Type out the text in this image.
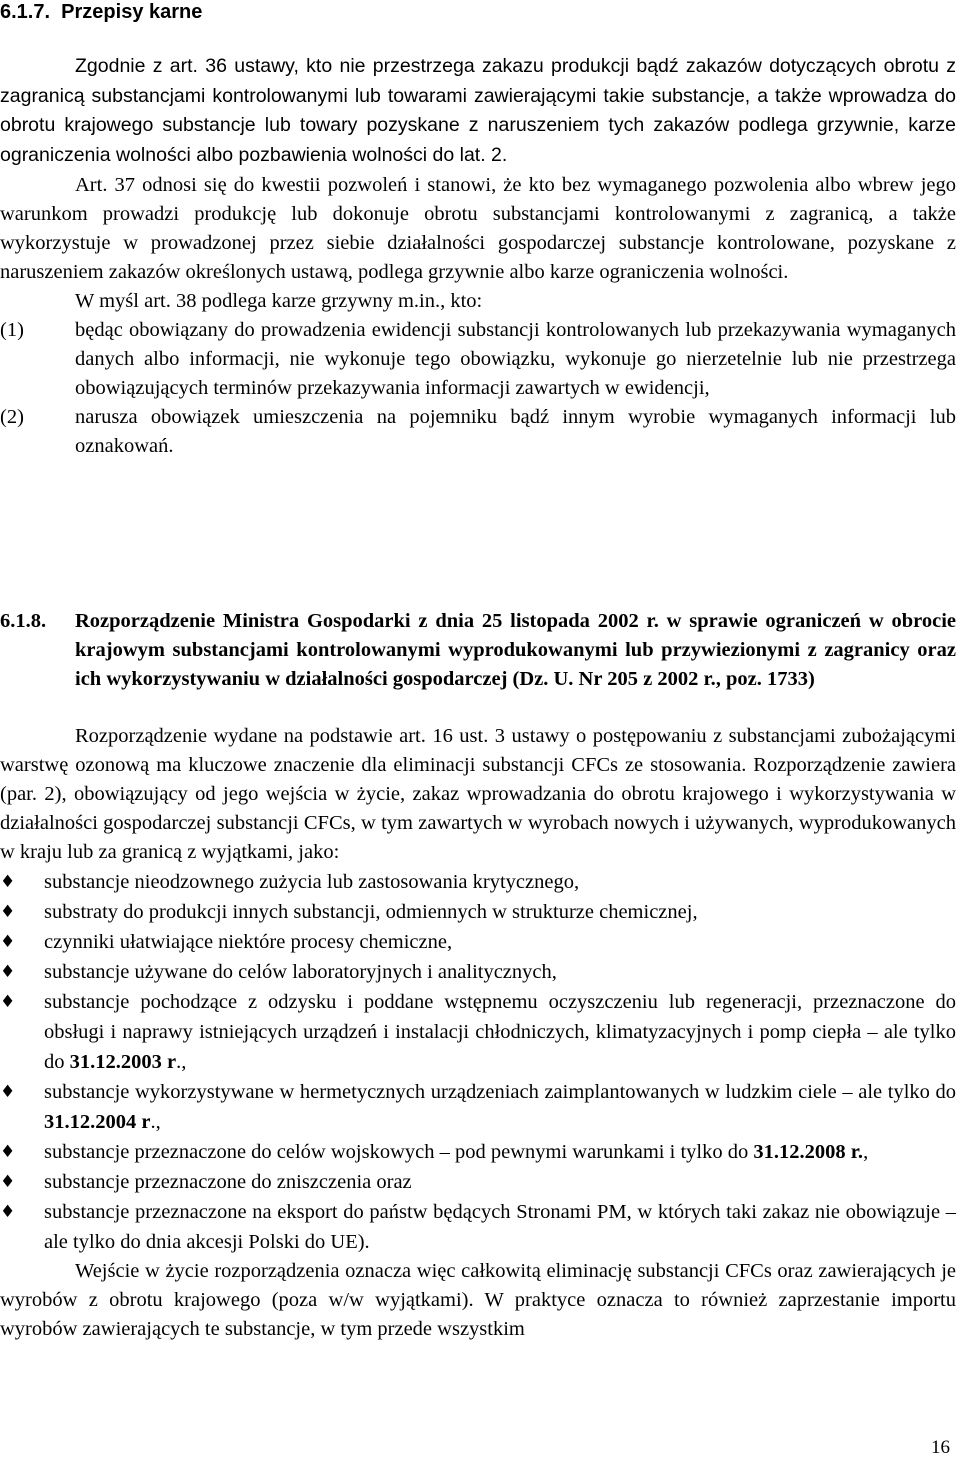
6.1.7. Przepisy karne

Zgodnie z art. 36 ustawy, kto nie przestrzega zakazu produkcji bądź zakazów dotyczących obrotu z zagranicą substancjami kontrolowanymi lub towarami zawierającymi takie substancje, a także wprowadza do obrotu krajowego substancje lub towary pozyskane z naruszeniem tych zakazów podlega grzywnie, karze ograniczenia wolności albo pozbawienia wolności do lat. 2.

Art. 37 odnosi się do kwestii pozwoleń i stanowi, że kto bez wymaganego pozwolenia albo wbrew jego warunkom prowadzi produkcję lub dokonuje obrotu substancjami kontrolowanymi z zagranicą, a także wykorzystuje w prowadzonej przez siebie działalności gospodarczej substancje kontrolowane, pozyskane z naruszeniem zakazów określonych ustawą, podlega grzywnie albo karze ograniczenia wolności.

W myśl art. 38 podlega karze grzywny m.in., kto:

(1) będąc obowiązany do prowadzenia ewidencji substancji kontrolowanych lub przekazywania wymaganych danych albo informacji, nie wykonuje tego obowiązku, wykonuje go nierzetelnie lub nie przestrzega obowiązujących terminów przekazywania informacji zawartych w ewidencji,
(2) narusza obowiązek umieszczenia na pojemniku bądź innym wyrobie wymaganych informacji lub oznakowań.
6.1.8. Rozporządzenie Ministra Gospodarki z dnia 25 listopada 2002 r. w sprawie ograniczeń w obrocie krajowym substancjami kontrolowanymi wyprodukowanymi lub przywiezionymi z zagranicy oraz ich wykorzystywaniu w działalności gospodarczej (Dz. U. Nr 205 z 2002 r., poz. 1733)

Rozporządzenie wydane na podstawie art. 16 ust. 3 ustawy o postępowaniu z substancjami zubożającymi warstwę ozonową ma kluczowe znaczenie dla eliminacji substancji CFCs ze stosowania. Rozporządzenie zawiera (par. 2), obowiązujący od jego wejścia w życie, zakaz wprowadzania do obrotu krajowego i wykorzystywania w działalności gospodarczej substancji CFCs, w tym zawartych w wyrobach nowych i używanych, wyprodukowanych w kraju lub za granicą z wyjątkami, jako:

♦ substancje nieodzownego zużycia lub zastosowania krytycznego,
♦ substraty do produkcji innych substancji, odmiennych w strukturze chemicznej,
♦ czynniki ułatwiające niektóre procesy chemiczne,
♦ substancje używane do celów laboratoryjnych i analitycznych,
♦ substancje pochodzące z odzysku i poddane wstępnemu oczyszczeniu lub regeneracji, przeznaczone do obsługi i naprawy istniejących urządzeń i instalacji chłodniczych, klimatyzacyjnych i pomp ciepła – ale tylko do 31.12.2003 r.,
♦ substancje wykorzystywane w hermetycznych urządzeniach zaimplantowanych w ludzkim ciele – ale tylko do 31.12.2004 r.,
♦ substancje przeznaczone do celów wojskowych – pod pewnymi warunkami i tylko do 31.12.2008 r.,
♦ substancje przeznaczone do zniszczenia oraz
♦ substancje przeznaczone na eksport do państw będących Stronami PM, w których taki zakaz nie obowiązuje – ale tylko do dnia akcesji Polski do UE).

Wejście w życie rozporządzenia oznacza więc całkowitą eliminację substancji CFCs oraz zawierających je wyrobów z obrotu krajowego (poza w/w wyjątkami). W praktyce oznacza to również zaprzestanie importu wyrobów zawierających te substancje, w tym przede wszystkim

16
